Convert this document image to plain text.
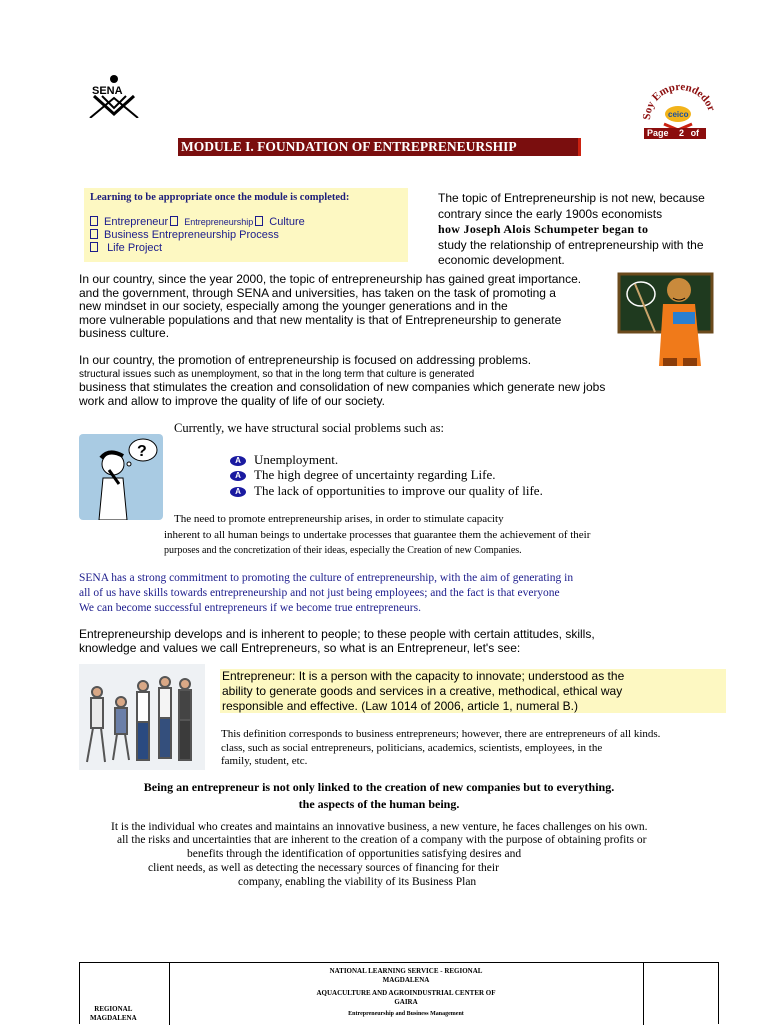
SENA
Soy Emprendedor
ceico
Page 2 of
MODULE I. FOUNDATION OF ENTREPRENEURSHIP
Learning to be appropriate once the module is completed:
Entrepreneur Entrepreneurship Culture
Business Entrepreneurship Process
Life Project
The topic of Entrepreneurship is not new, because
contrary since the early 1900s economists
how Joseph Alois Schumpeter began to
study the relationship of entrepreneurship with the
economic development.
In our country, since the year 2000, the topic of entrepreneurship has gained great importance.
and the government, through SENA and universities, has taken on the task of promoting a
new mindset in our society, especially among the younger generations and in the
more vulnerable populations and that new mentality is that of Entrepreneurship to generate
business culture.
In our country, the promotion of entrepreneurship is focused on addressing problems.
structural issues such as unemployment, so that in the long term that culture is generated
business that stimulates the creation and consolidation of new companies which generate new jobs
work and allow to improve the quality of life of our society.
Currently, we have structural social problems such as:
?
A Unemployment.
A The high degree of uncertainty regarding Life.
A The lack of opportunities to improve our quality of life.
The need to promote entrepreneurship arises, in order to stimulate capacity
inherent to all human beings to undertake processes that guarantee them the achievement of their
purposes and the concretization of their ideas, especially the Creation of new Companies.
SENA has a strong commitment to promoting the culture of entrepreneurship, with the aim of generating in
all of us have skills towards entrepreneurship and not just being employees; and the fact is that everyone
We can become successful entrepreneurs if we become true entrepreneurs.
Entrepreneurship develops and is inherent to people; to these people with certain attitudes, skills,
knowledge and values we call Entrepreneurs, so what is an Entrepreneur, let's see:
Entrepreneur: It is a person with the capacity to innovate; understood as the
ability to generate goods and services in a creative, methodical, ethical way
responsible and effective. (Law 1014 of 2006, article 1, numeral B.)
This definition corresponds to business entrepreneurs; however, there are entrepreneurs of all kinds.
class, such as social entrepreneurs, politicians, academics, scientists, employees, in the
family, student, etc.
Being an entrepreneur is not only linked to the creation of new companies but to everything.
the aspects of the human being.
It is the individual who creates and maintains an innovative business, a new venture, he faces challenges on his own.
all the risks and uncertainties that are inherent to the creation of a company with the purpose of obtaining profits or
benefits through the identification of opportunities satisfying desires and
client needs, as well as detecting the necessary sources of financing for their
company, enabling the viability of its Business Plan
REGIONAL
MAGDALENA
NATIONAL LEARNING SERVICE - REGIONAL
MAGDALENA
AQUACULTURE AND AGROINDUSTRIAL CENTER OF
GAIRA
Entrepreneurship and Business Management
